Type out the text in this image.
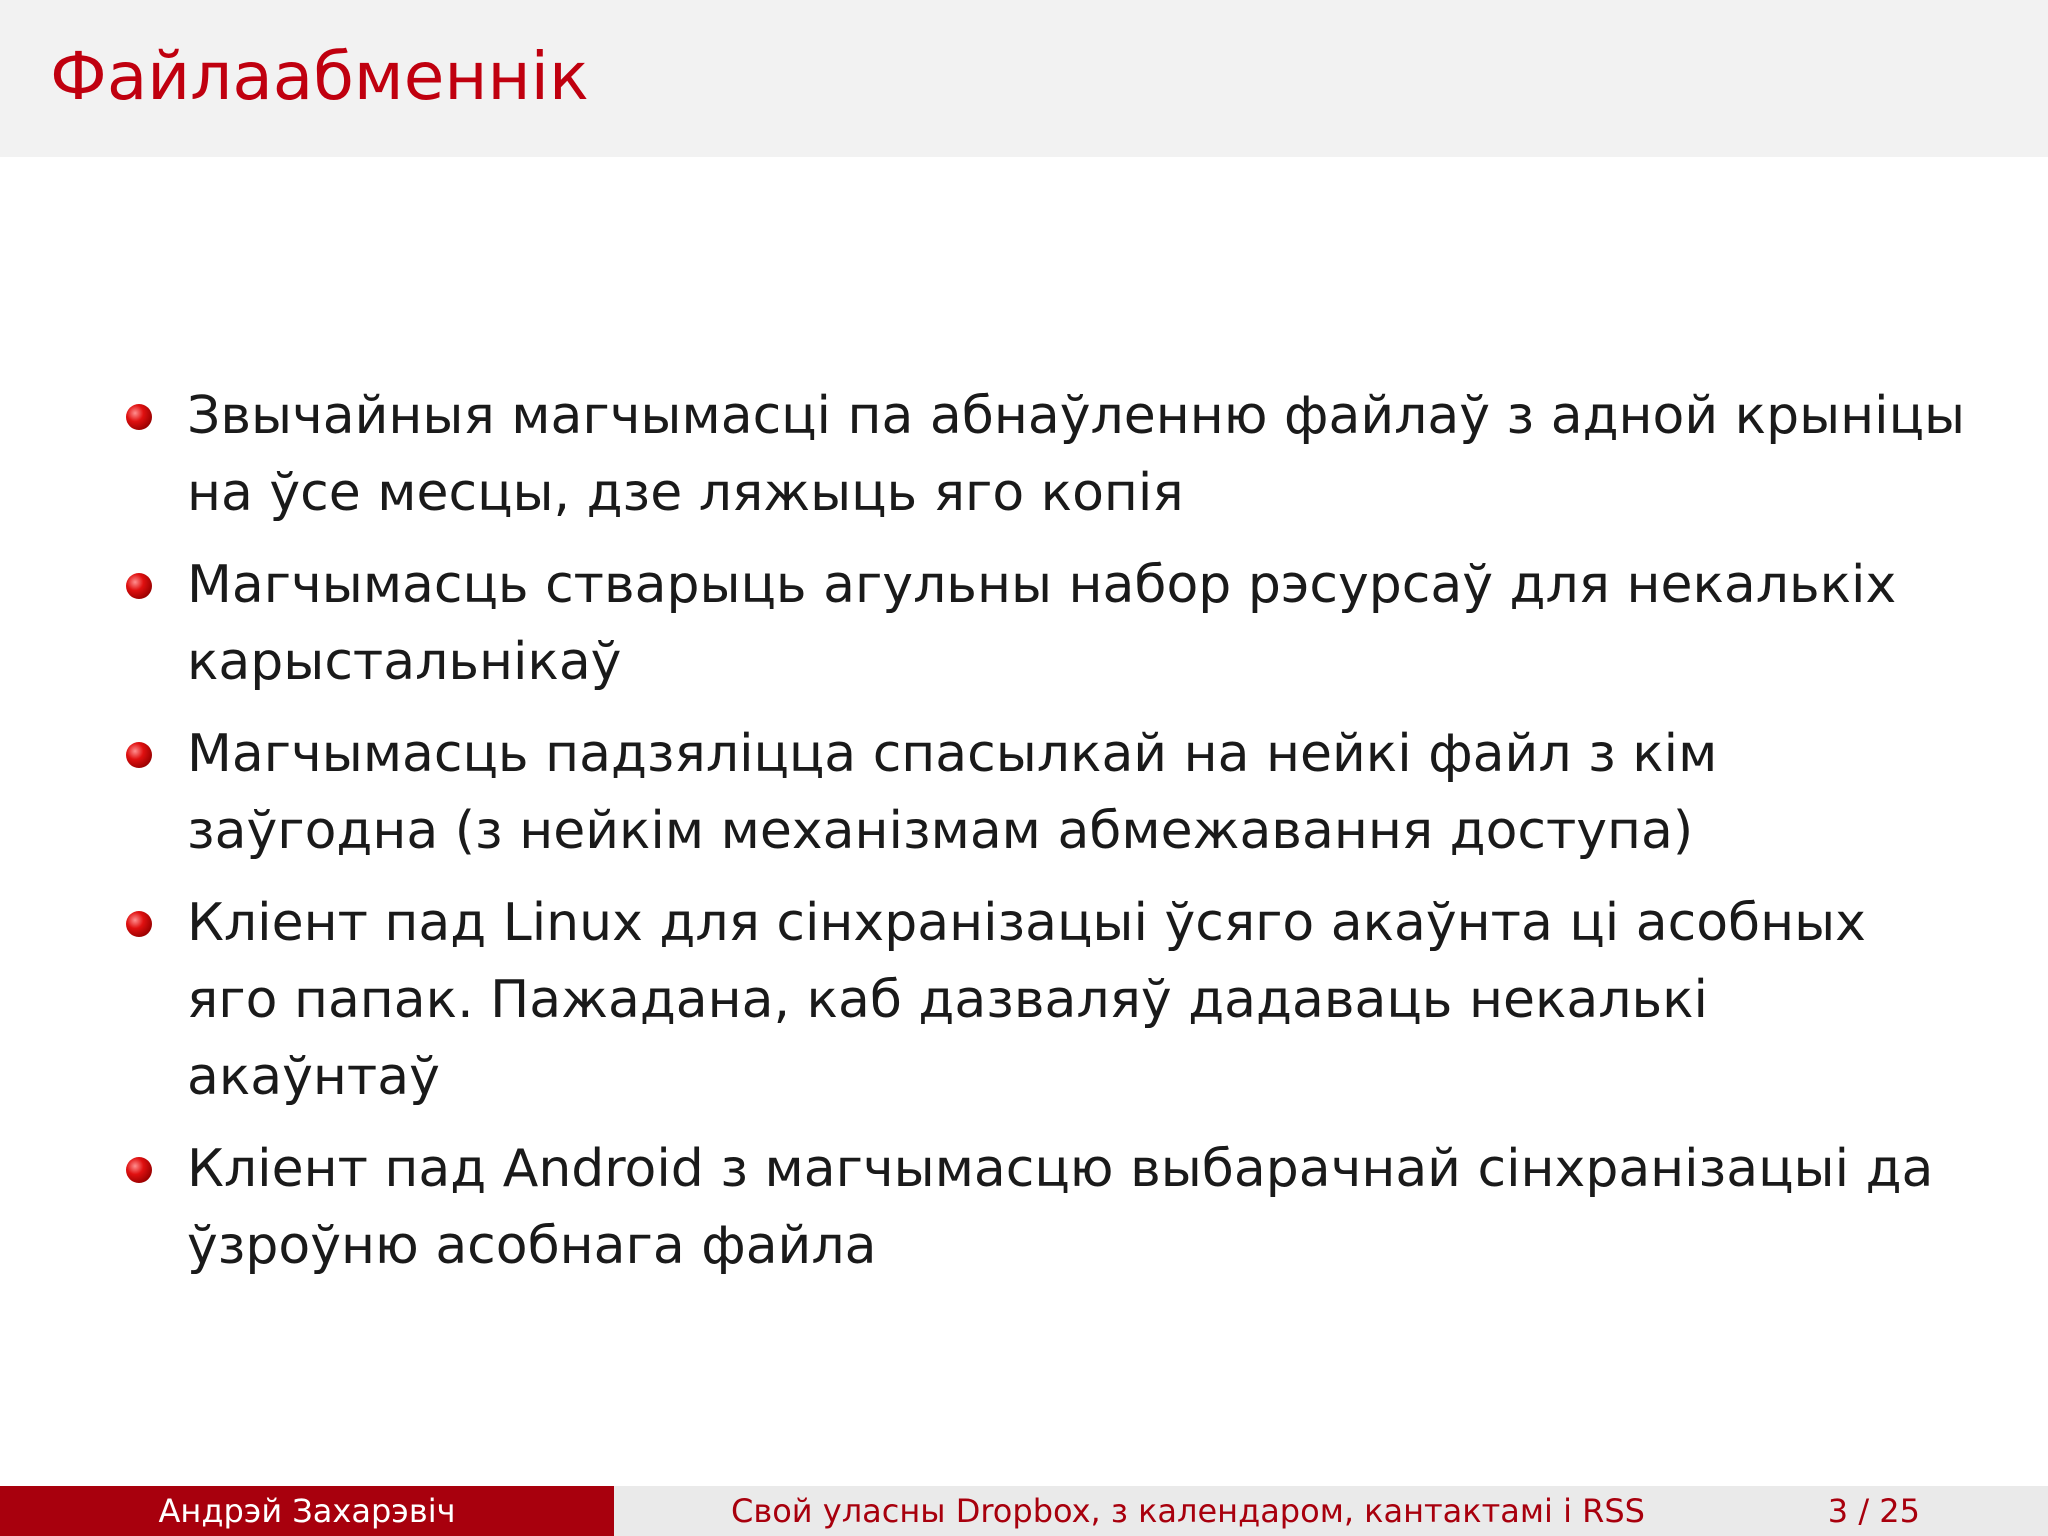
Файлаабменнік
Звычайныя магчымасці па абнаўленню файлаў з адной крыніцы на ўсе месцы, дзе ляжыць яго копія
Магчымасць стварыць агульны набор рэсурсаў для некалькіх карыстальнікаў
Магчымасць падзяліцца спасылкай на нейкі файл з кім заўгодна (з нейкім механізмам абмежавання доступа)
Кліент пад Linux для сінхранізацыі ўсяго акаўнта ці асобных яго папак. Пажадана, каб дазваляў дадаваць некалькі акаўнтаў
Кліент пад Android з магчымасцю выбарачнай сінхранізацыі да ўзроўню асобнага файла
Андрэй Захарэвіч	Свой уласны Dropbox, з календаром, кантактамі і RSS	3 / 25
